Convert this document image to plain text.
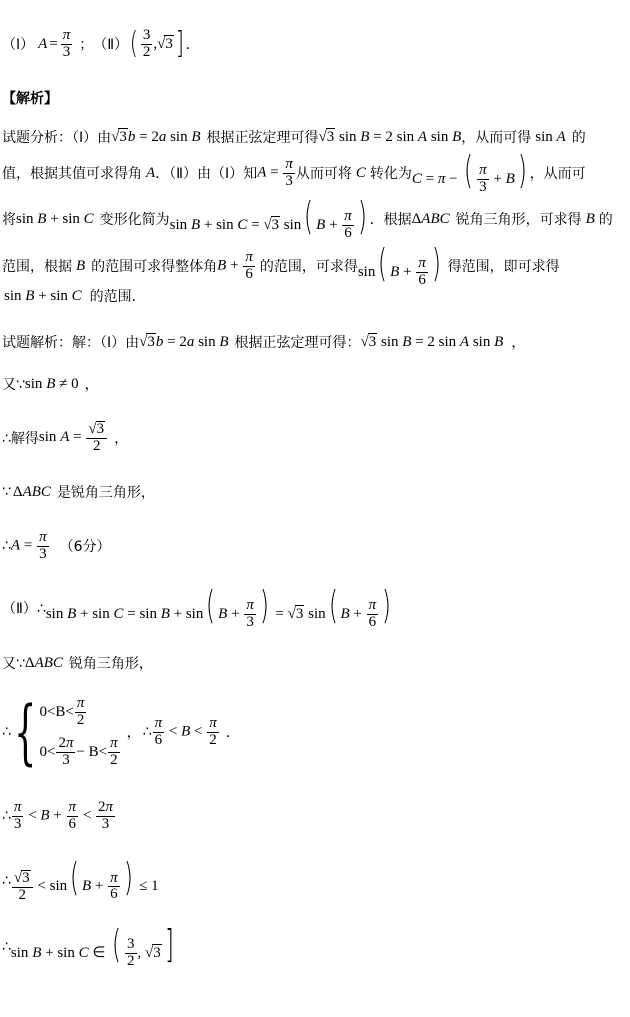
（Ⅰ） $A = \frac{\pi}{3}$ ； （Ⅱ） ( $\frac{3}{2}$ , √ 3 ] ．
【解析】
试题分析：（Ⅰ）由 √ 3 b = 2a sin B 根据正弦定理可得 √ 3 sin B = 2 sin A sin B ，从而可得 sin A 的
值，根据其值可求得角 A ．（Ⅱ）由（Ⅰ）知 $A = \frac{\pi}{3}$ 从而可将 C 转化为 C = π − ( $\frac{\pi}{3} + B$) ，从而可
将 sin B + sin C 变形化简为 sin B + sin C = √ 3 sin( $B + \frac{\pi}{6}$ ) ．根据 ΔABC 锐角三角形，可求得 B 的
范围，根据 B 的范围可求得整体角 $B + \frac{\pi}{6}$ 的范围，可求得 sin( $B + \frac{\pi}{6}$ ) 得范围，即可求得
sin B + sin C 的范围．
试题解析：解：（Ⅰ）由 √ 3 b = 2a sin B 根据正弦定理可得： √ 3 sin B = 2 sin A sin B ，
又∵ sin B ≠ 0 ，
∴解得 $\sin A = \frac{√ 3}{2}$ ，
∵ ΔABC 是锐角三角形，
∴ $A = \frac{\pi}{3} (6$分）
（Ⅱ）∴ sin B + sin C = sin B + sin( $B + \frac{\pi}{3}$ ) = √ 3 sin( $B + \frac{\pi}{6}$ )
又∵ ΔABC 锐角三角形，
∴ { $0<B< \frac{\pi}{2}$
$0< \frac{2\pi}{3} - B< \frac{\pi}{2}$
， ∴ $\frac{\pi}{6} < B < \frac{\pi}{2}$ ．
∴ $\frac{\pi}{3} < B + \frac{\pi}{6} < \frac{2\pi}{3}$
∴ $\frac{√ 3}{2} < \sin$( $B + \frac{\pi}{6}$ ) ≤ 1
∴ sin B + sin C ∈ ( $\frac{3}{2}$ , √ 3 ]
